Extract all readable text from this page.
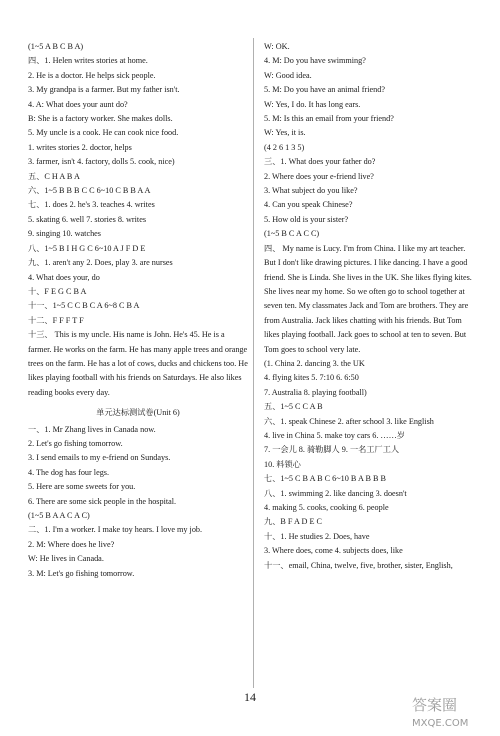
(1~5 A B C B A)
四、1. Helen writes stories at home.
2. He is a doctor. He helps sick people.
3. My grandpa is a farmer. But my father isn't.
4. A: What does your aunt do?
B: She is a factory worker. She makes dolls.
5. My uncle is a cook. He can cook nice food.
1. writes stories 2. doctor, helps
3. farmer, isn't 4. factory, dolls 5. cook, nice)
五、C H A B A
六、1~5 B B B C C 6~10 C B B A A
七、1. does 2. he's 3. teaches 4. writes
5. skating 6. well 7. stories 8. writes
9. singing 10. watches
八、1~5 B I H G C 6~10 A J F D E
九、1. aren't any 2. Does, play 3. are nurses
4. What does your, do
十、F E G C B A
十一、1~5 C C B C A 6~8 C B A
十二、F F F T F
十三、 This is my uncle. His name is John. He's 45. He is a farmer. He works on the farm. He has many apple trees and orange trees on the farm. He has a lot of cows, ducks and chickens too. He likes playing football with his friends on Saturdays. He also likes reading books every day.
单元达标测试卷(Unit 6)
一、1. Mr Zhang lives in Canada now.
2. Let's go fishing tomorrow.
3. I send emails to my e-friend on Sundays.
4. The dog has four legs.
5. Here are some sweets for you.
6. There are some sick people in the hospital.
(1~5 B A A C A C)
二、1. I'm a worker. I make toy hears. I love my job.
2. M: Where does he live?
W: He lives in Canada.
3. M: Let's go fishing tomorrow.
W: OK.
4. M: Do you have swimming?
W: Good idea.
5. M: Do you have an animal friend?
W: Yes, I do. It has long ears.
5. M: Is this an email from your friend?
W: Yes, it is.
(4 2 6 1 3 5)
三、1. What does your father do?
2. Where does your e-friend live?
3. What subject do you like?
4. Can you speak Chinese?
5. How old is your sister?
(1~5 B C A C C)
四、 My name is Lucy. I'm from China. I like my art teacher. But I don't like drawing pictures. I like dancing. I have a good friend. She is Linda. She lives in the UK. She likes flying kites. She lives near my home. So we often go to school together at seven ten. My classmates Jack and Tom are brothers. They are from Australia. Jack likes chatting with his friends. But Tom likes playing football. Jack goes to school at ten to seven. But Tom goes to school very late.
(1. China 2. dancing 3. the UK
4. flying kites 5. 7:10 6. 6:50
7. Australia 8. playing football)
五、1~5 C C A B
六、1. speak Chinese 2. after school 3. like English
4. live in China 5. make toy cars 6. ……岁
7. 一会儿 8. 骑勒脚人 9. 一名工厂工人
10. 料锁心
七、1~5 C B A B C 6~10 B A B B B
八、1. swimming 2. like dancing 3. doesn't
4. making 5. cooks, cooking 6. people
九、B F A D E C
十、1. He studies 2. Does, have
3. Where does, come 4. subjects does, like
十一、email, China, twelve, five, brother, sister, English,
14	答案圈
MXQE.COM
